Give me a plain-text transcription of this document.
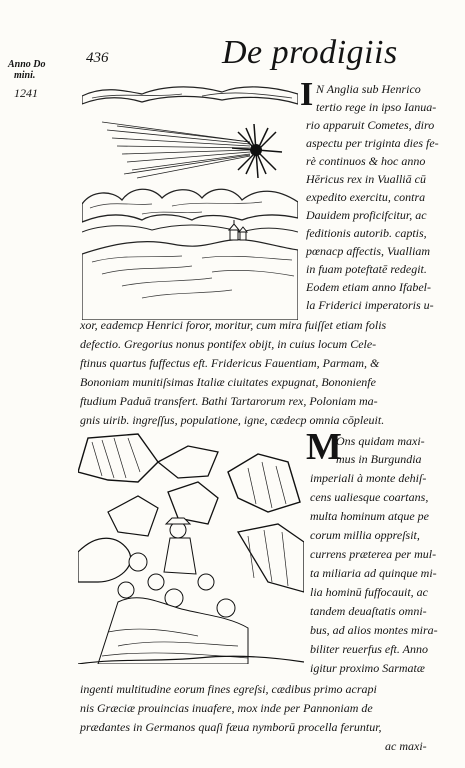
Anno Do
mini.
1241
436	De prodigiis
I N Anglia sub Henrico
tertio rege in ipso Ianua-
rio apparuit Cometes, diro
aspectu per triginta dies fe-
rè continuos & hoc anno
Hēricus rex in Vualliā cū
expedito exercitu, contra
Dauidem proficifcitur, ac
feditionis autorib. captis,
pœnacp affectis, Vualliam
in fuam poteftatē redegit.
Eodem etiam anno Ifabel-
la Friderici imperatoris u-
xor, eademcp Henrici foror, moritur, cum mira fuiſſet etiam folis
defectio. Gregorius nonus pontifex obijt, in cuius locum Cele-
ftinus quartus fuffectus eft. Fridericus Fauentiam, Parmam, &
Bononiam munitiſsimas Italiæ ciuitates expugnat, Bononienfe
ftudium Paduā transfert. Bathi Tartarorum rex, Poloniam ma-
gnis uirib. ingreſſus, populatione, igne, cædecp omnia cōpleuit.
M
Ons quidam maxi-
mus in Burgundia
imperiali à monte dehiſ-
cens ualiesque coartans,
multa hominum atque pe
corum millia oppreſsit,
currens præterea per mul-
ta miliaria ad quinque mi-
lia hominū fuffocauit, ac
tandem deuaſtatis omni-
bus, ad alios montes mira-
biliter reuerfus eft. Anno
igitur proximo Sarmatæ
ingenti multitudine eorum fines egreſsi, cædibus primo acrapi
nis Græciæ prouincias inuafere, mox inde per Pannoniam de
prædantes in Germanos quaſi fæua nymborū procella feruntur,
ac maxi-
